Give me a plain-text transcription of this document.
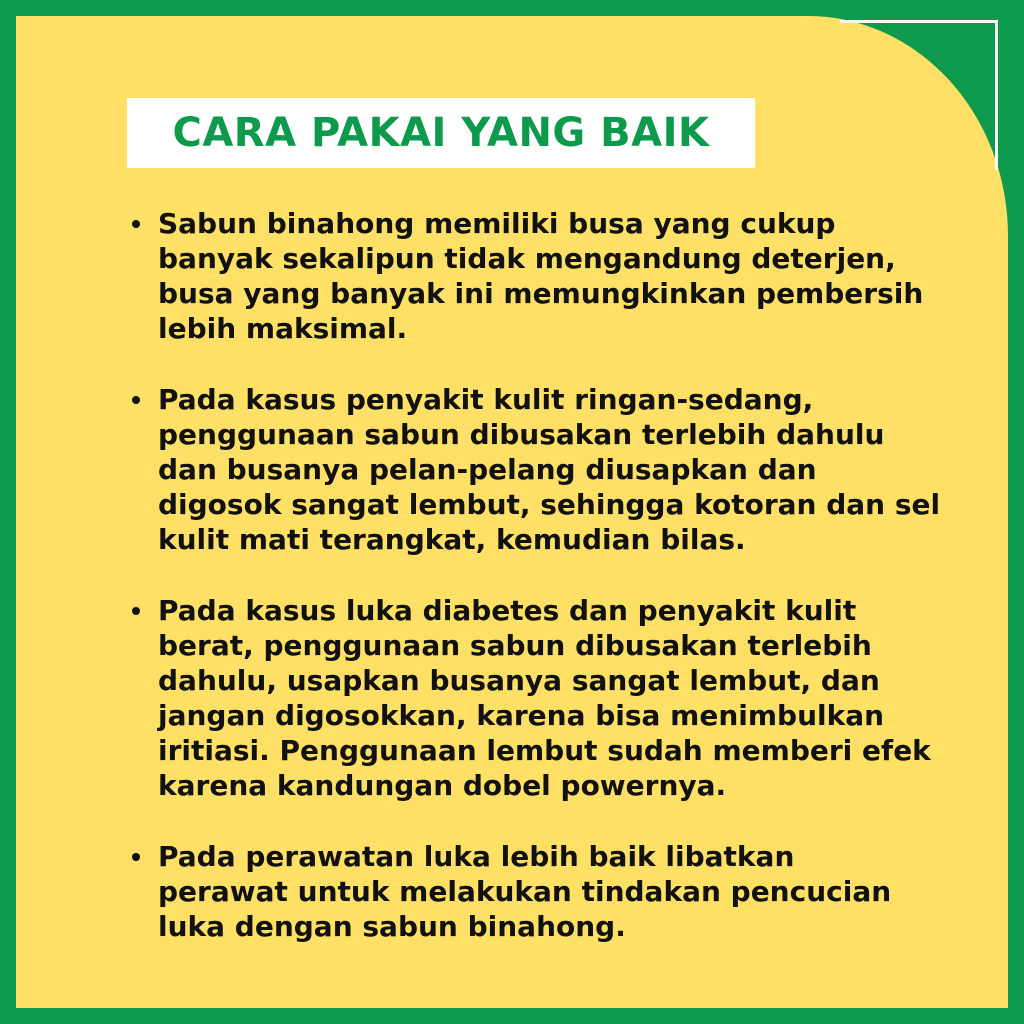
CARA PAKAI YANG BAIK
Sabun binahong memiliki busa yang cukup
banyak sekalipun tidak mengandung deterjen,
busa yang banyak ini memungkinkan pembersih
lebih maksimal.
Pada kasus penyakit kulit ringan-sedang,
penggunaan sabun dibusakan terlebih dahulu
dan busanya pelan-pelang diusapkan dan
digosok sangat lembut, sehingga kotoran dan sel
kulit mati terangkat, kemudian bilas.
Pada kasus luka diabetes dan penyakit kulit
berat, penggunaan sabun dibusakan terlebih
dahulu, usapkan busanya sangat lembut, dan
jangan digosokkan, karena bisa menimbulkan
iritiasi. Penggunaan lembut sudah memberi efek
karena kandungan dobel powernya.
Pada perawatan luka lebih baik libatkan
perawat untuk melakukan tindakan pencucian
luka dengan sabun binahong.
